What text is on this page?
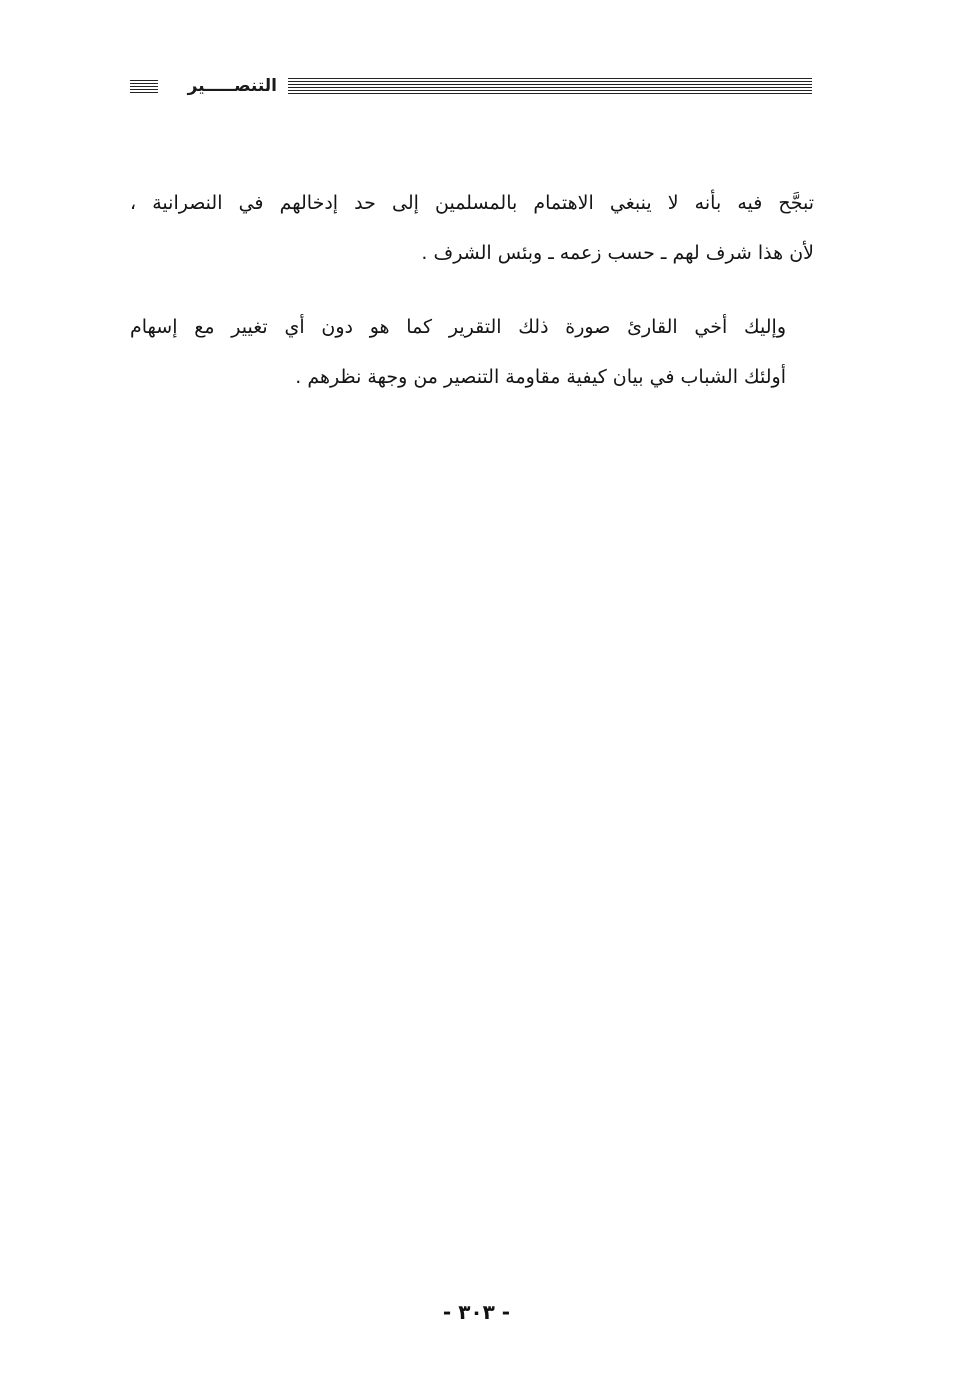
التنصـــــير

تبجَّح فيه بأنه لا ينبغي الاهتمام بالمسلمين إلى حد إدخالهم في النصرانية ،
لأن هذا شرف لهم ـ حسب زعمه ـ وبئس الشرف .

وإليك أخي القارئ صورة ذلك التقرير كما هو دون أي تغيير مع إسهام
أولئك الشباب في بيان كيفية مقاومة التنصير من وجهة نظرهم .

- ٣٠٣ -
